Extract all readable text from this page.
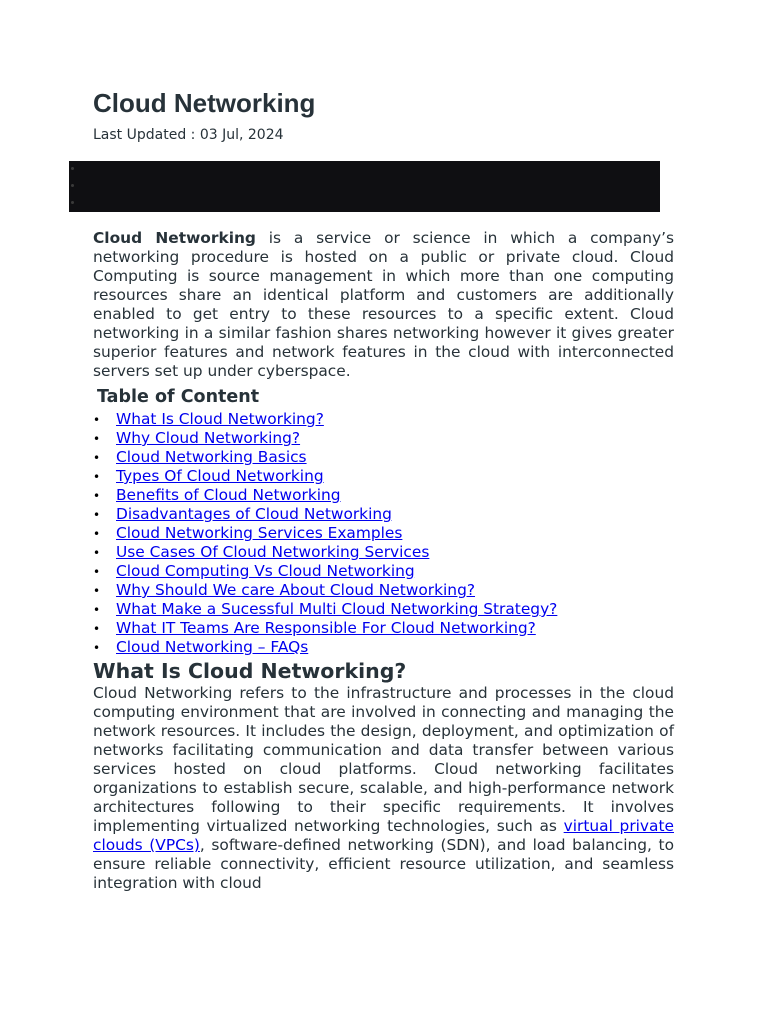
Cloud Networking
Last Updated : 03 Jul, 2024

Cloud Networking is a service or science in which a company’s networking procedure is hosted on a public or private cloud. Cloud Computing is source management in which more than one computing resources share an identical platform and customers are additionally enabled to get entry to these resources to a specific extent. Cloud networking in a similar fashion shares networking however it gives greater superior features and network features in the cloud with interconnected servers set up under cyberspace.

Table of Content
• What Is Cloud Networking?
• Why Cloud Networking?
• Cloud Networking Basics
• Types Of Cloud Networking
• Benefits of Cloud Networking
• Disadvantages of Cloud Networking
• Cloud Networking Services Examples
• Use Cases Of Cloud Networking Services
• Cloud Computing Vs Cloud Networking
• Why Should We care About Cloud Networking?
• What Make a Sucessful Multi Cloud Networking Strategy?
• What IT Teams Are Responsible For Cloud Networking?
• Cloud Networking – FAQs
What Is Cloud Networking?

Cloud Networking refers to the infrastructure and processes in the cloud computing environment that are involved in connecting and managing the network resources. It includes the design, deployment, and optimization of networks facilitating communication and data transfer between various services hosted on cloud platforms. Cloud networking facilitates organizations to establish secure, scalable, and high-performance network architectures following to their specific requirements. It involves implementing virtualized networking technologies, such as virtual private clouds (VPCs), software-defined networking (SDN), and load balancing, to ensure reliable connectivity, efficient resource utilization, and seamless integration with cloud
